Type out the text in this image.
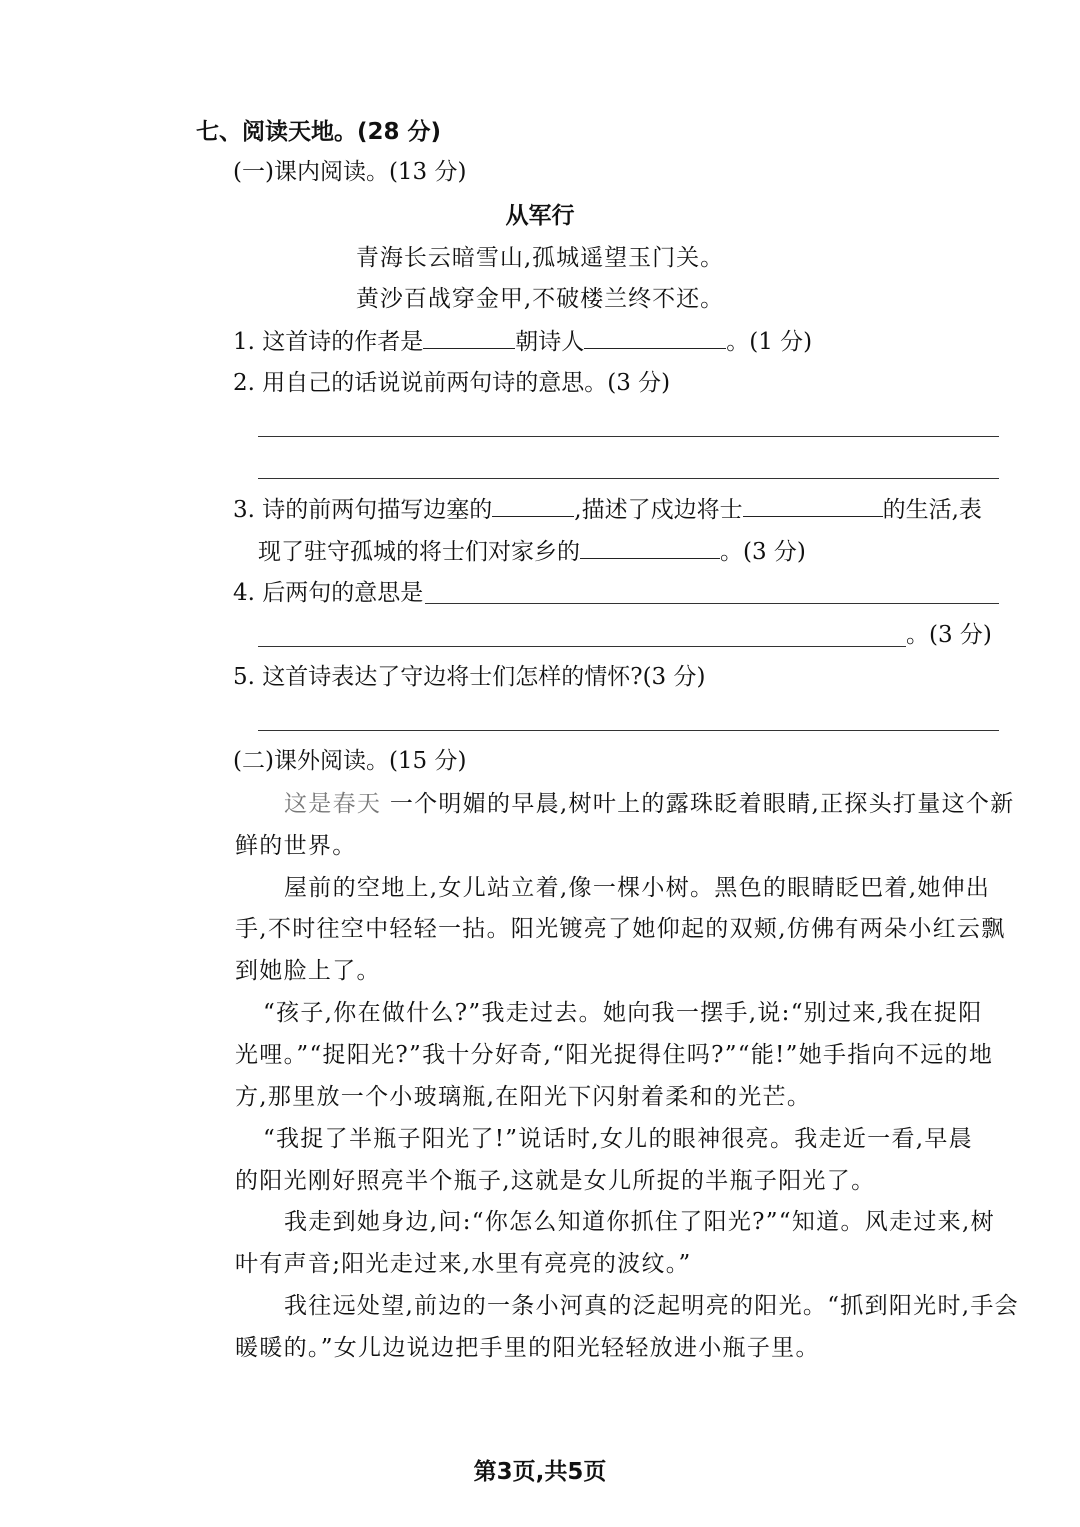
七、阅读天地。(28 分)
(一)课内阅读。(13 分)
从军行
青海长云暗雪山,孤城遥望玉门关。
黄沙百战穿金甲,不破楼兰终不还。
1. 这首诗的作者是	朝诗人	。(1 分)
2. 用自己的话说说前两句诗的意思。(3 分)
3. 诗的前两句描写边塞的	,描述了戍边将士	的生活,表
现了驻守孤城的将士们对家乡的	。(3 分)
4. 后两句的意思是
。(3 分)
5. 这首诗表达了守边将士们怎样的情怀?(3 分)
(二)课外阅读。(15 分)
这是春天 一个明媚的早晨,树叶上的露珠眨着眼睛,正探头打量这个新
鲜的世界。
屋前的空地上,女儿站立着,像一棵小树。黑色的眼睛眨巴着,她伸出
手,不时往空中轻轻一拈。阳光镀亮了她仰起的双颊,仿佛有两朵小红云飘
到她脸上了。
“孩子,你在做什么?”我走过去。她向我一摆手,说:“别过来,我在捉阳
光哩。”“捉阳光?”我十分好奇,“阳光捉得住吗?”“能!”她手指向不远的地
方,那里放一个小玻璃瓶,在阳光下闪射着柔和的光芒。
“我捉了半瓶子阳光了!”说话时,女儿的眼神很亮。我走近一看,早晨
的阳光刚好照亮半个瓶子,这就是女儿所捉的半瓶子阳光了。
我走到她身边,问:“你怎么知道你抓住了阳光?”“知道。风走过来,树
叶有声音;阳光走过来,水里有亮亮的波纹。”
我往远处望,前边的一条小河真的泛起明亮的阳光。“抓到阳光时,手会
暖暖的。”女儿边说边把手里的阳光轻轻放进小瓶子里。
第3页,共5页
